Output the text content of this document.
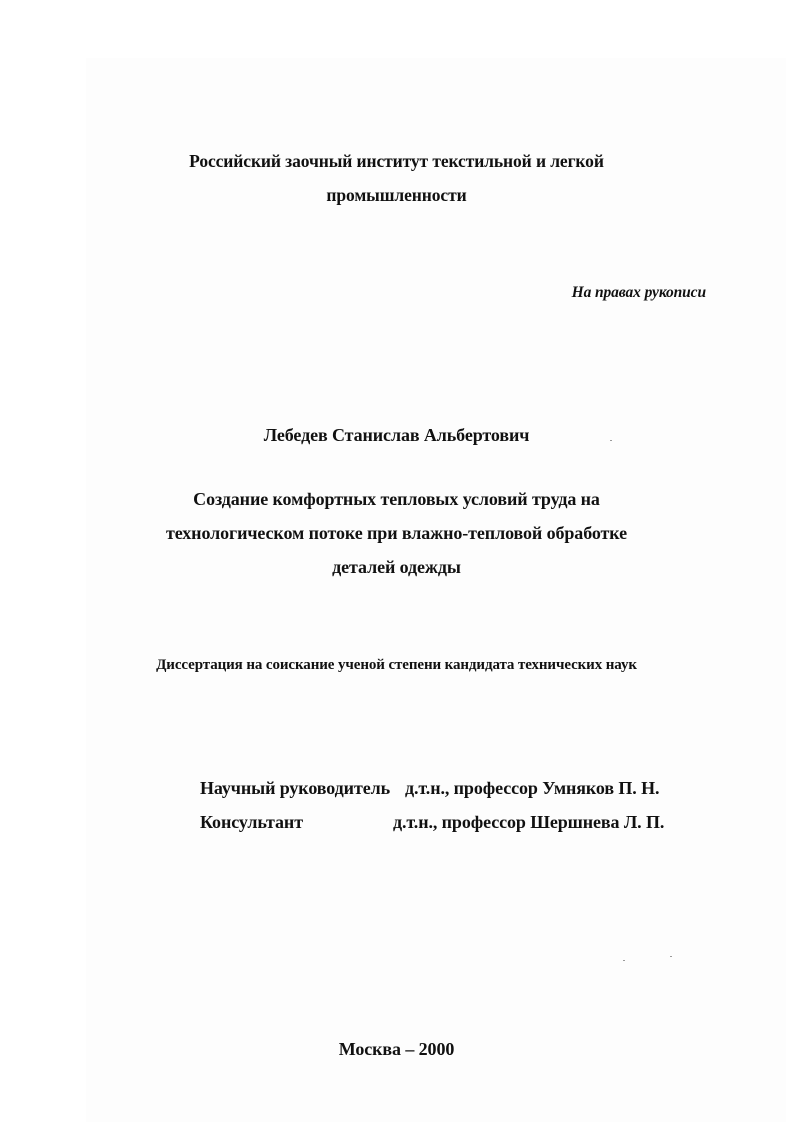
Российский заочный институт текстильной и легкой
промышленности
На правах рукописи
Лебедев Станислав Альбертович
Создание комфортных тепловых условий труда на
технологическом потоке при влажно-тепловой обработке
деталей одежды
Диссертация на соискание ученой степени кандидата технических наук
Научный руководитель д.т.н., профессор Умняков П. Н.
Консультант	д.т.н., профессор Шершнева Л. П.
Москва – 2000
